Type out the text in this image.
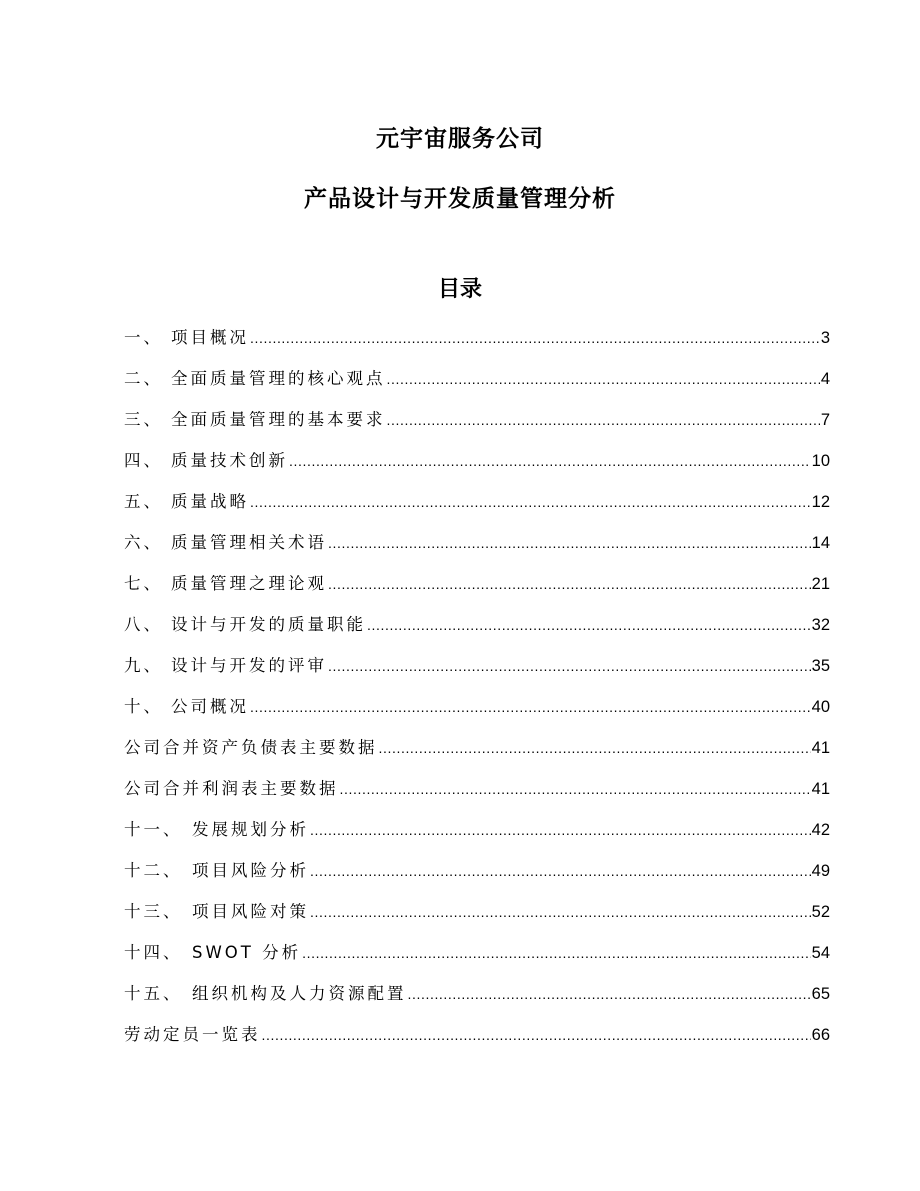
元宇宙服务公司
产品设计与开发质量管理分析
目录
一、 项目概况 .....	3
二、 全面质量管理的核心观点 .....	4
三、 全面质量管理的基本要求 .....	7
四、 质量技术创新 .....	10
五、 质量战略 .....	12
六、 质量管理相关术语 .....	14
七、 质量管理之理论观 .....	21
八、 设计与开发的质量职能 .....	32
九、 设计与开发的评审 .....	35
十、 公司概况 .....	40
公司合并资产负债表主要数据 .....	41
公司合并利润表主要数据 .....	41
十一、 发展规划分析 .....	42
十二、 项目风险分析 .....	49
十三、 项目风险对策 .....	52
十四、 SWOT 分析 .....	54
十五、 组织机构及人力资源配置 .....	65
劳动定员一览表 .....	66
